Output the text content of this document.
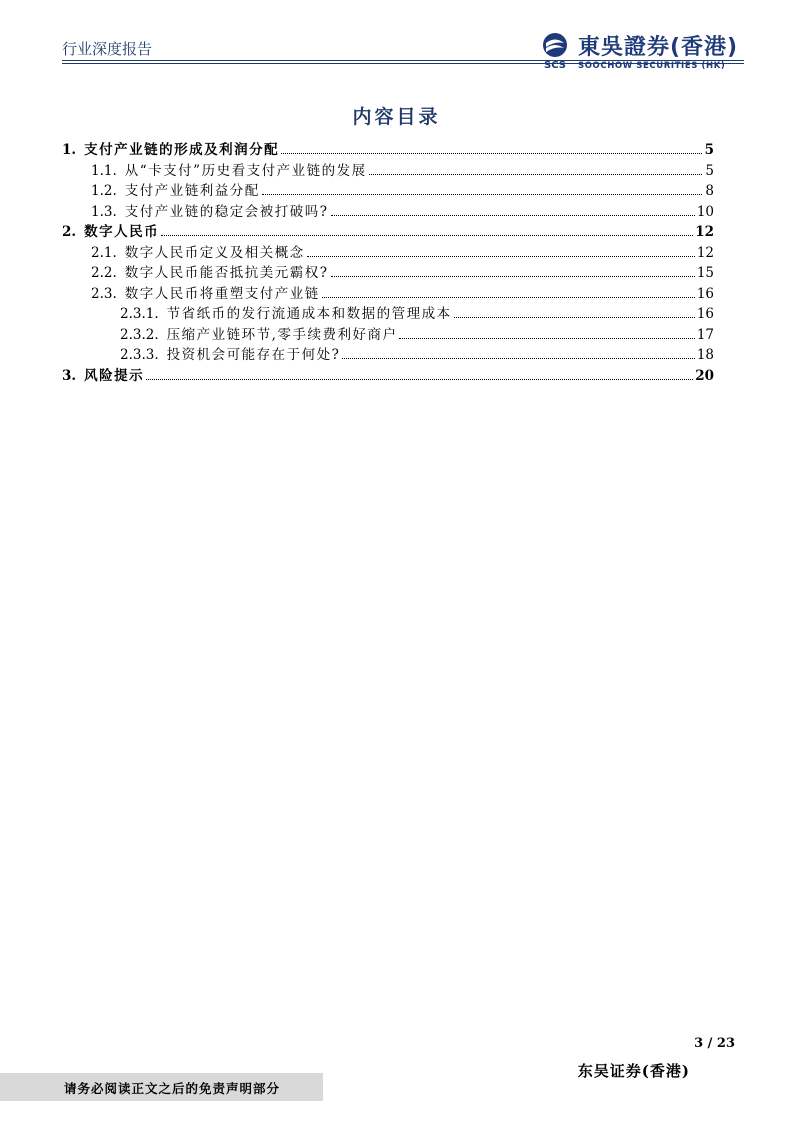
行业深度报告
SCS
東吳證券(香港)
SOOCHOW SECURITIES (HK)
内容目录
1. 支付产业链的形成及利润分配	5
1.1. 从“卡支付”历史看支付产业链的发展	5
1.2. 支付产业链利益分配	8
1.3. 支付产业链的稳定会被打破吗?	10
2. 数字人民币	12
2.1. 数字人民币定义及相关概念	12
2.2. 数字人民币能否抵抗美元霸权?	15
2.3. 数字人民币将重塑支付产业链	16
2.3.1. 节省纸币的发行流通成本和数据的管理成本	16
2.3.2. 压缩产业链环节,零手续费利好商户	17
2.3.3. 投资机会可能存在于何处?	18
3. 风险提示	20
3 / 23
东吴证券(香港)
请务必阅读正文之后的免责声明部分
